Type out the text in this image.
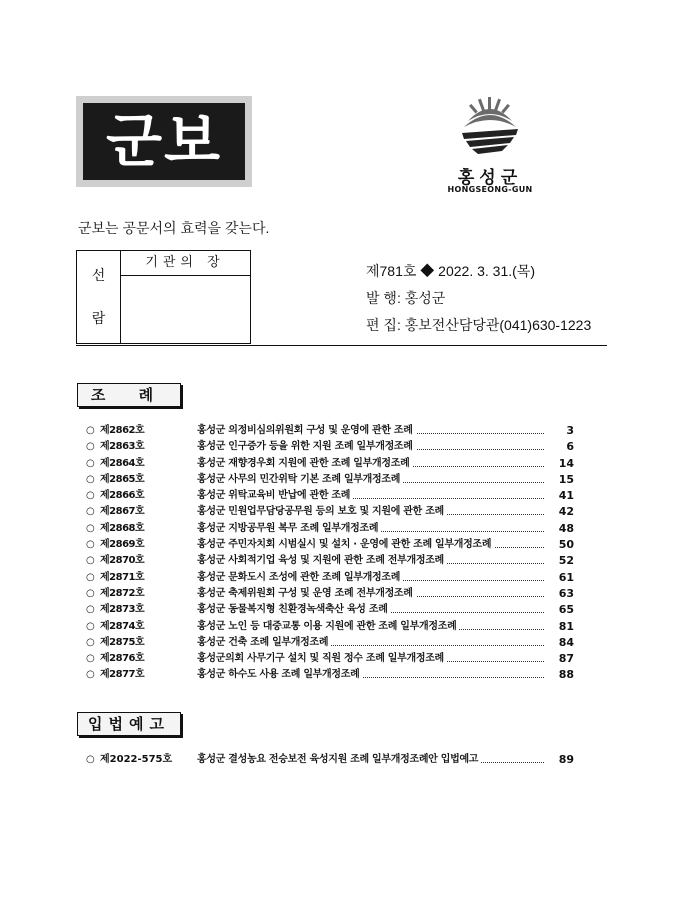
군보
홍성군
HONGSEONG-GUN
군보는 공문서의 효력을 갖는다.
선
람
기관의 장
제781호 ◆ 2022. 3. 31.(목)
발 행: 홍성군
편 집: 홍보전산담당관(041)630-1223
조 례
○ 제2862호	홍성군 의정비심의위원회 구성 및 운영에 관한 조례	3
○ 제2863호	홍성군 인구증가 등을 위한 지원 조례 일부개정조례	6
○ 제2864호	홍성군 재향경우회 지원에 관한 조례 일부개정조례	14
○ 제2865호	홍성군 사무의 민간위탁 기본 조례 일부개정조례	15
○ 제2866호	홍성군 위탁교육비 반납에 관한 조례	41
○ 제2867호	홍성군 민원업무담당공무원 등의 보호 및 지원에 관한 조례	42
○ 제2868호	홍성군 지방공무원 복무 조례 일부개정조례	48
○ 제2869호	홍성군 주민자치회 시범실시 및 설치 · 운영에 관한 조례 일부개정조례	50
○ 제2870호	홍성군 사회적기업 육성 및 지원에 관한 조례 전부개정조례	52
○ 제2871호	홍성군 문화도시 조성에 관한 조례 일부개정조례	61
○ 제2872호	홍성군 축제위원회 구성 및 운영 조례 전부개정조례	63
○ 제2873호	홍성군 동물복지형 친환경녹색축산 육성 조례	65
○ 제2874호	홍성군 노인 등 대중교통 이용 지원에 관한 조례 일부개정조례	81
○ 제2875호	홍성군 건축 조례 일부개정조례	84
○ 제2876호	홍성군의회 사무기구 설치 및 직원 정수 조례 일부개정조례	87
○ 제2877호	홍성군 하수도 사용 조례 일부개정조례	88
입법예고
○ 제2022-575호 홍성군 결성농요 전승보전 육성지원 조례 일부개정조례안 입법예고	89
